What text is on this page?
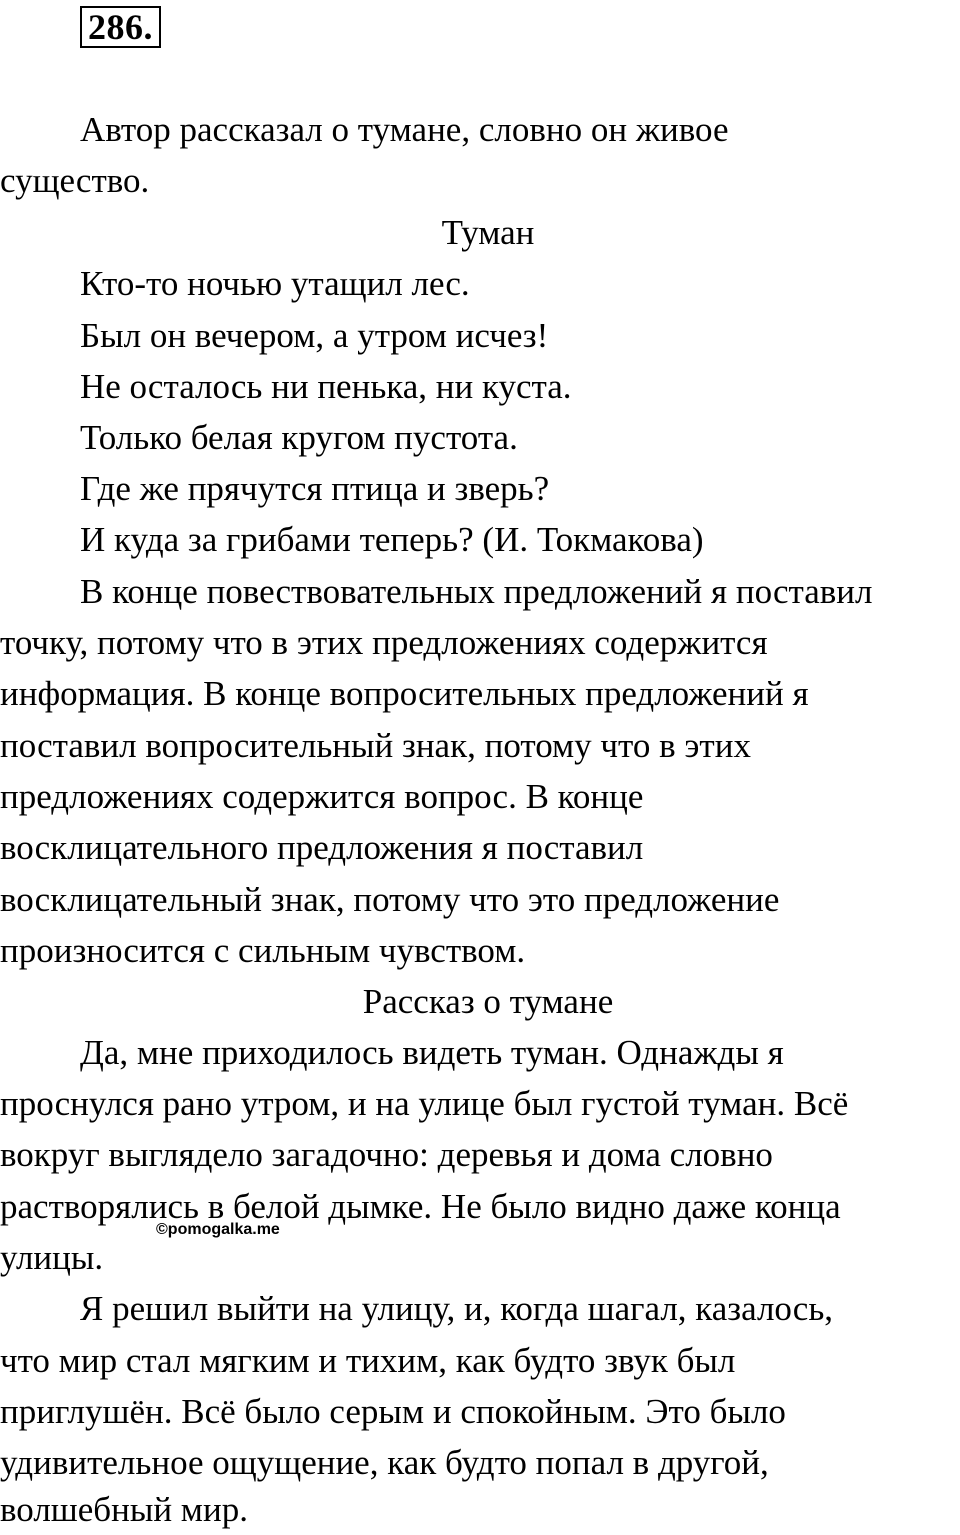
286.
Автор рассказал о тумане, словно он живое
существо.
Туман
Кто-то ночью утащил лес.
Был он вечером, а утром исчез!
Не осталось ни пенька, ни куста.
Только белая кругом пустота.
Где же прячутся птица и зверь?
И куда за грибами теперь? (И. Токмакова)
В конце повествовательных предложений я поставил
точку, потому что в этих предложениях содержится
информация. В конце вопросительных предложений я
поставил вопросительный знак, потому что в этих
предложениях содержится вопрос. В конце
восклицательного предложения я поставил
восклицательный знак, потому что это предложение
произносится с сильным чувством.
Рассказ о тумане
Да, мне приходилось видеть туман. Однажды я
проснулся рано утром, и на улице был густой туман. Всё
вокруг выглядело загадочно: деревья и дома словно
растворялись в белой дымке. Не было видно даже конца
улицы.
Я решил выйти на улицу, и, когда шагал, казалось,
что мир стал мягким и тихим, как будто звук был
приглушён. Всё было серым и спокойным. Это было
удивительное ощущение, как будто попал в другой,
волшебный мир.
©pomogalka.me
